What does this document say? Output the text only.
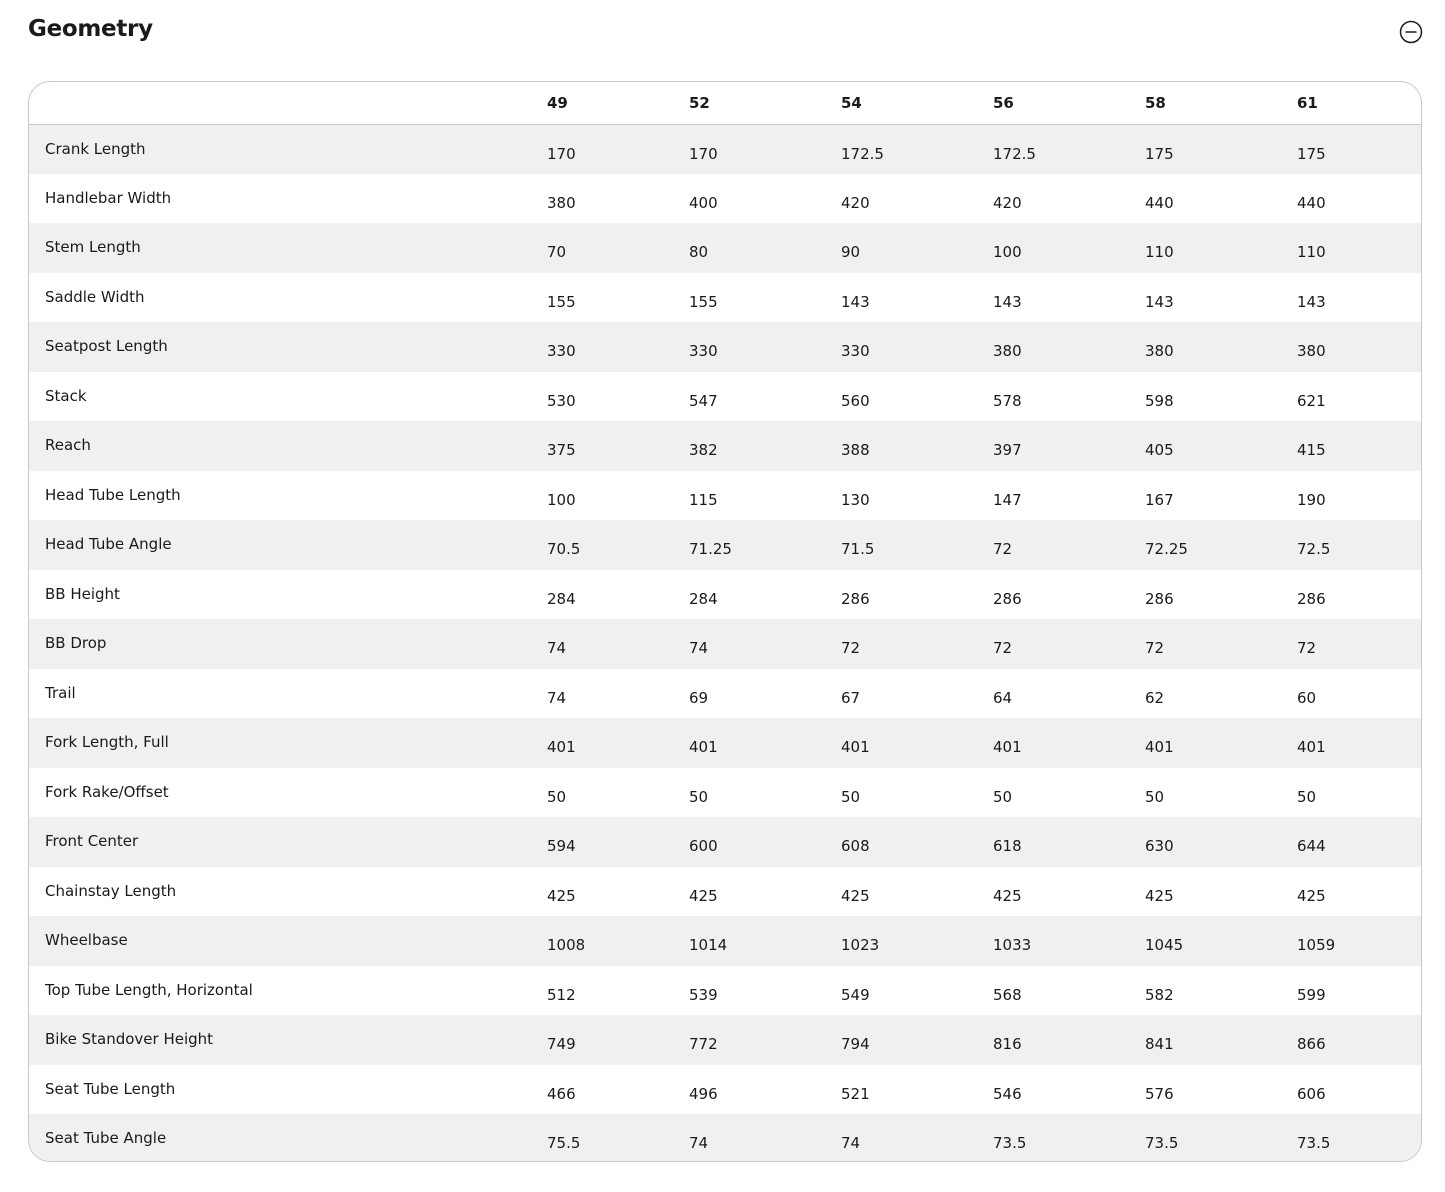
Geometry
	49	52	54	56	58	61
Crank Length	170	170	172.5	172.5	175	175
Handlebar Width	380	400	420	420	440	440
Stem Length	70	80	90	100	110	110
Saddle Width	155	155	143	143	143	143
Seatpost Length	330	330	330	380	380	380
Stack	530	547	560	578	598	621
Reach	375	382	388	397	405	415
Head Tube Length	100	115	130	147	167	190
Head Tube Angle	70.5	71.25	71.5	72	72.25	72.5
BB Height	284	284	286	286	286	286
BB Drop	74	74	72	72	72	72
Trail	74	69	67	64	62	60
Fork Length, Full	401	401	401	401	401	401
Fork Rake/Offset	50	50	50	50	50	50
Front Center	594	600	608	618	630	644
Chainstay Length	425	425	425	425	425	425
Wheelbase	1008	1014	1023	1033	1045	1059
Top Tube Length, Horizontal	512	539	549	568	582	599
Bike Standover Height	749	772	794	816	841	866
Seat Tube Length	466	496	521	546	576	606
Seat Tube Angle	75.5	74	74	73.5	73.5	73.5
